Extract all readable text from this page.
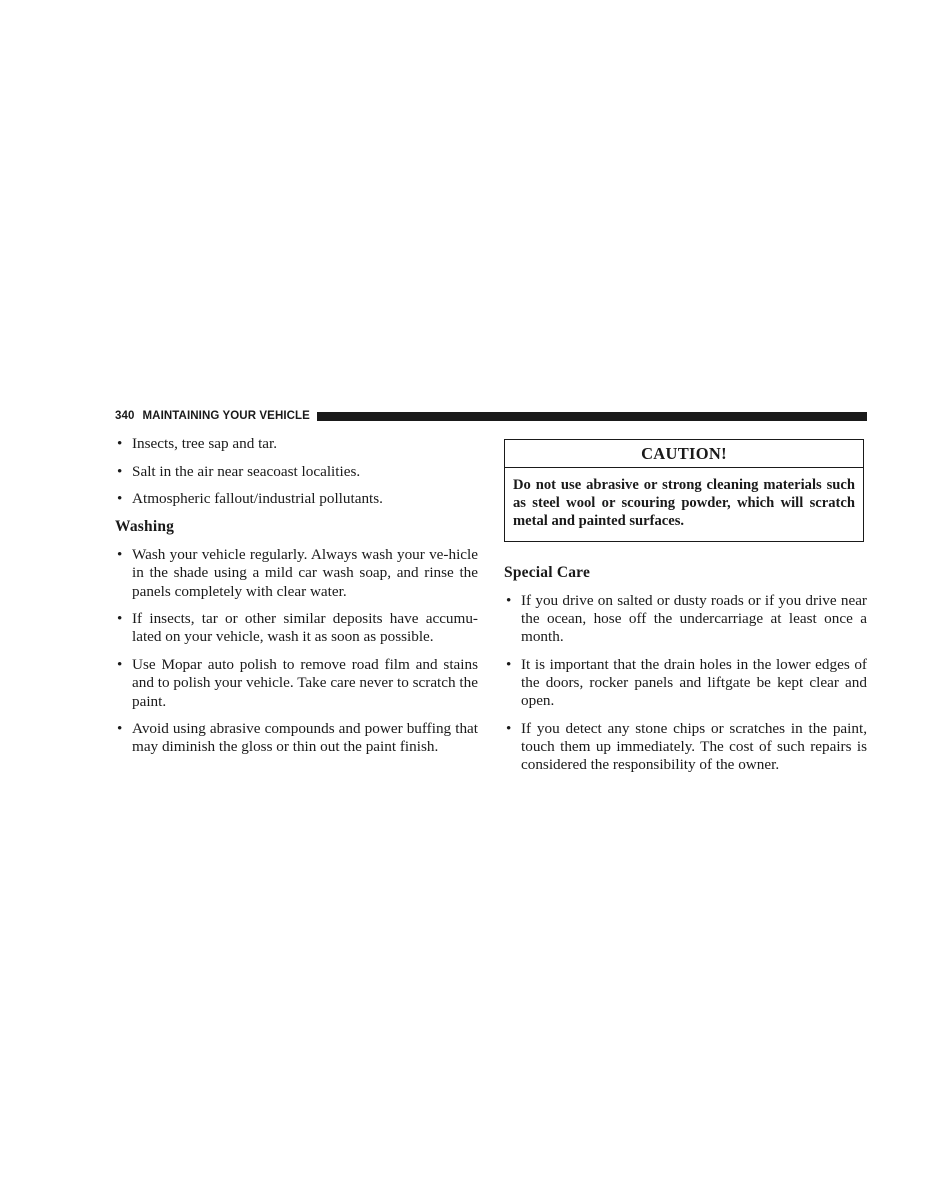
340 MAINTAINING YOUR VEHICLE
• Insects, tree sap and tar.
• Salt in the air near seacoast localities.
• Atmospheric fallout/industrial pollutants.
Washing
• Wash your vehicle regularly. Always wash your ve-hicle in the shade using a mild car wash soap, and rinse the panels completely with clear water.
• If insects, tar or other similar deposits have accumu-lated on your vehicle, wash it as soon as possible.
• Use Mopar auto polish to remove road film and stains and to polish your vehicle. Take care never to scratch the paint.
• Avoid using abrasive compounds and power buffing that may diminish the gloss or thin out the paint finish.
CAUTION!
Do not use abrasive or strong cleaning materials such as steel wool or scouring powder, which will scratch metal and painted surfaces.
Special Care
• If you drive on salted or dusty roads or if you drive near the ocean, hose off the undercarriage at least once a month.
• It is important that the drain holes in the lower edges of the doors, rocker panels and liftgate be kept clear and open.
• If you detect any stone chips or scratches in the paint, touch them up immediately. The cost of such repairs is considered the responsibility of the owner.
